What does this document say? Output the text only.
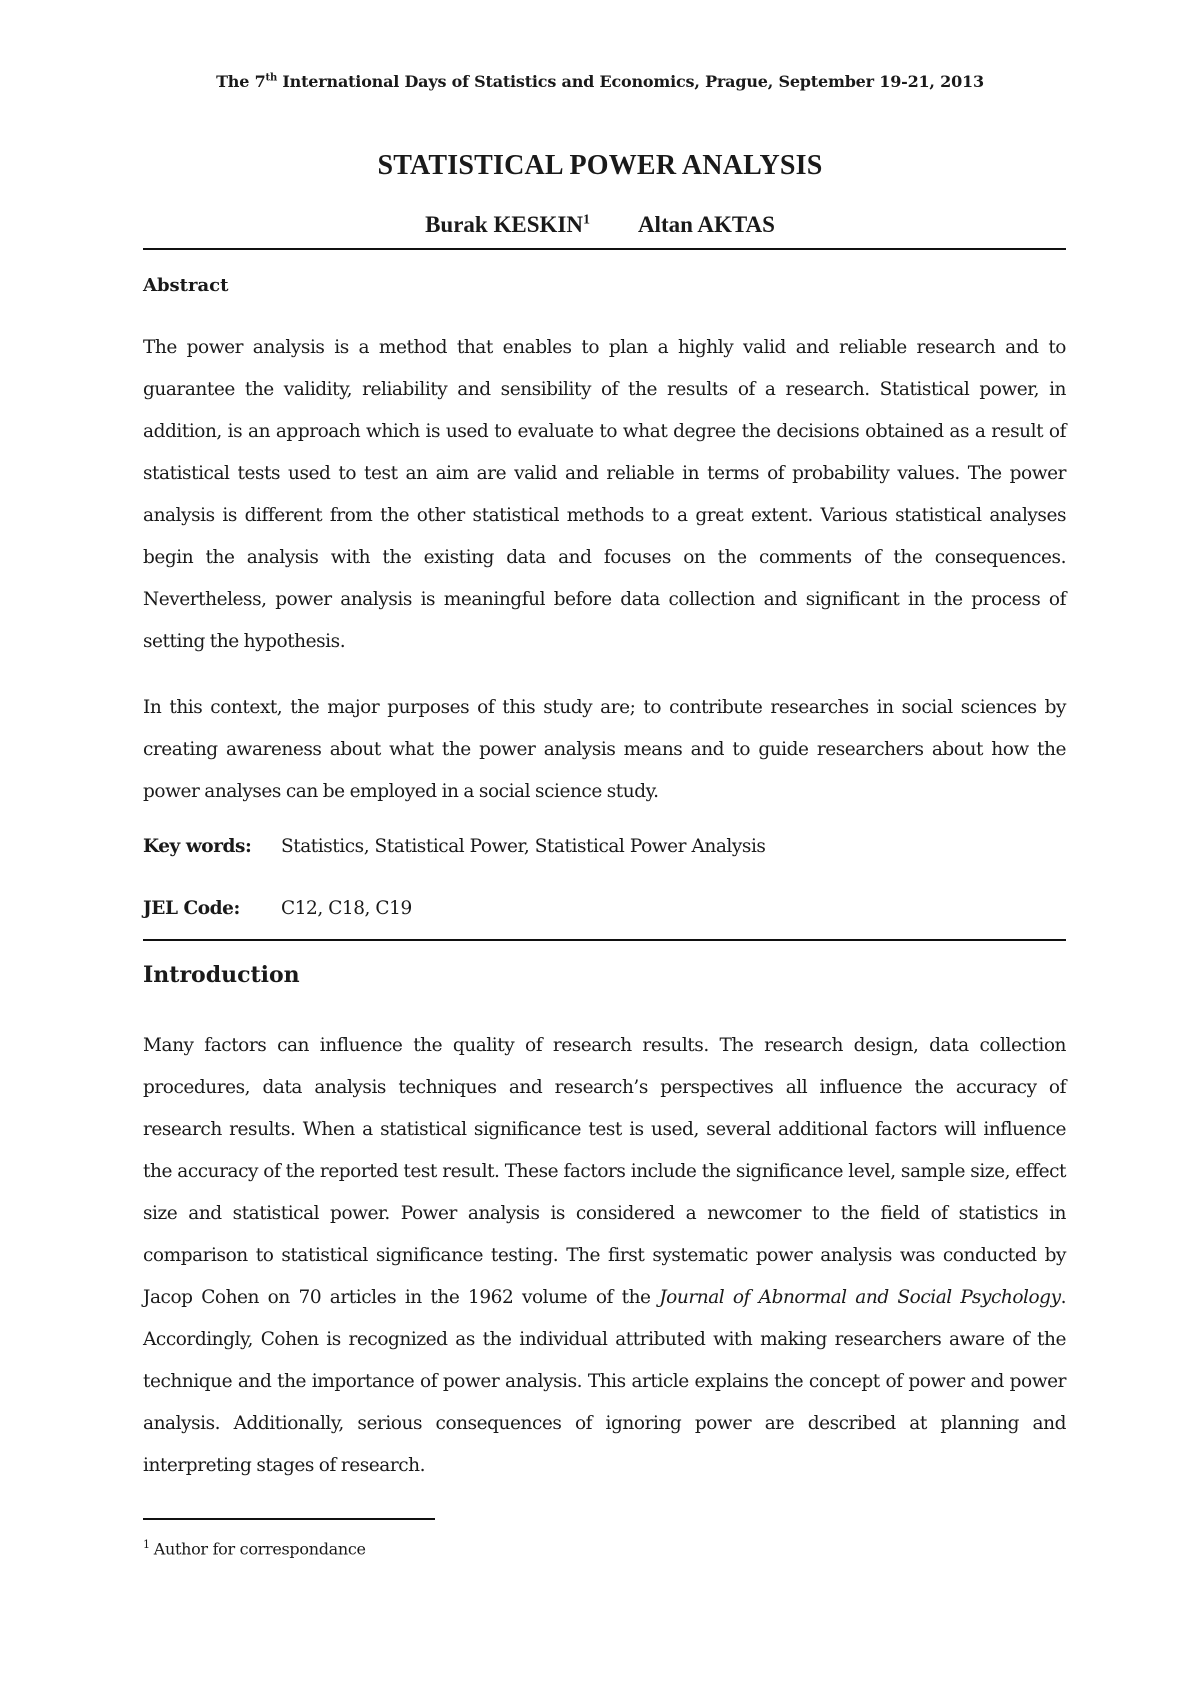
The 7th International Days of Statistics and Economics, Prague, September 19-21, 2013
STATISTICAL POWER ANALYSIS
Burak KESKIN$^1$ Altan AKTAS
Abstract
The power analysis is a method that enables to plan a highly valid and reliable research and to guarantee the validity, reliability and sensibility of the results of a research. Statistical power, in addition, is an approach which is used to evaluate to what degree the decisions obtained as a result of statistical tests used to test an aim are valid and reliable in terms of probability values. The power analysis is different from the other statistical methods to a great extent. Various statistical analyses begin the analysis with the existing data and focuses on the comments of the consequences. Nevertheless, power analysis is meaningful before data collection and significant in the process of setting the hypothesis.
In this context, the major purposes of this study are; to contribute researches in social sciences by creating awareness about what the power analysis means and to guide researchers about how the power analyses can be employed in a social science study.
Key words: Statistics, Statistical Power, Statistical Power Analysis
JEL Code: C12, C18, C19
Introduction
Many factors can influence the quality of research results. The research design, data collection procedures, data analysis techniques and research’s perspectives all influence the accuracy of research results. When a statistical significance test is used, several additional factors will influence the accuracy of the reported test result. These factors include the significance level, sample size, effect size and statistical power. Power analysis is considered a newcomer to the field of statistics in comparison to statistical significance testing. The first systematic power analysis was conducted by Jacop Cohen on 70 articles in the 1962 volume of the Journal of Abnormal and Social Psychology. Accordingly, Cohen is recognized as the individual attributed with making researchers aware of the technique and the importance of power analysis. This article explains the concept of power and power analysis. Additionally, serious consequences of ignoring power are described at planning and interpreting stages of research.
$^1$ Author for correspondance
